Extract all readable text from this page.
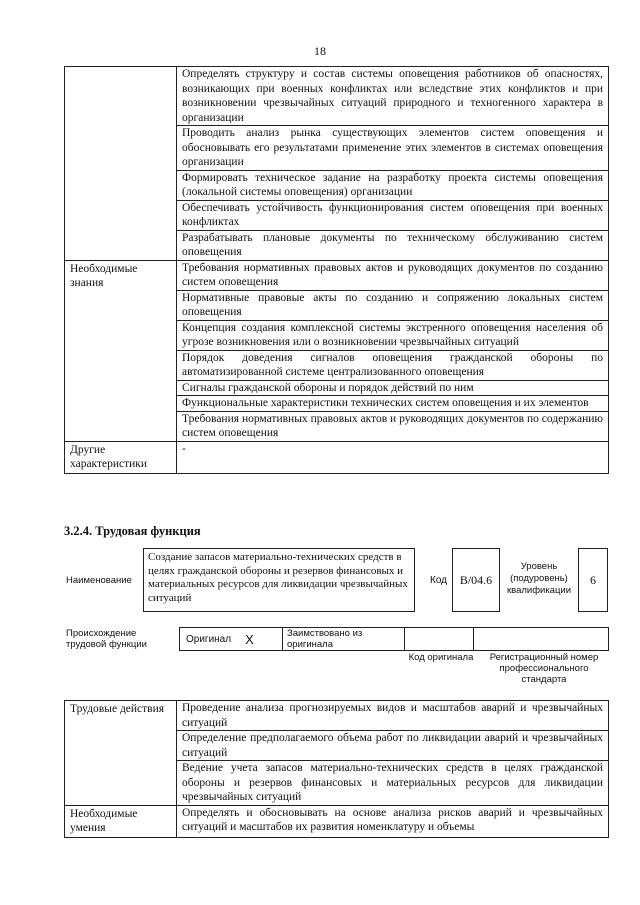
18
	Определять структуру и состав системы оповещения работников об опасностях, возникающих при военных конфликтах или вследствие этих конфликтов и при возникновении чрезвычайных ситуаций природного и техногенного характера в организации
	Проводить анализ рынка существующих элементов систем оповещения и обосновывать его результатами применение этих элементов в системах оповещения организации
	Формировать техническое задание на разработку проекта системы оповещения (локальной системы оповещения) организации
	Обеспечивать устойчивость функционирования систем оповещения при военных конфликтах
	Разрабатывать плановые документы по техническому обслуживанию систем оповещения
Необходимые знания	Требования нормативных правовых актов и руководящих документов по созданию систем оповещения
	Нормативные правовые акты по созданию и сопряжению локальных систем оповещения
	Концепция создания комплексной системы экстренного оповещения населения об угрозе возникновения или о возникновении чрезвычайных ситуаций
	Порядок доведения сигналов оповещения гражданской обороны по автоматизированной системе централизованного оповещения
	Сигналы гражданской обороны и порядок действий по ним
	Функциональные характеристики технических систем оповещения и их элементов
	Требования нормативных правовых актов и руководящих документов по содержанию систем оповещения
Другие характеристики	-
3.2.4. Трудовая функция
Наименование
Создание запасов материально-технических средств в целях гражданской обороны и резервов финансовых и материальных ресурсов для ликвидации чрезвычайных ситуаций
Код В/04.6
Уровень (подуровень) квалификации
6
Происхождение трудовой функции	Оригинал X	Заимствовано из оригинала
Код оригинала	Регистрационный номер профессионального стандарта
Трудовые действия	Проведение анализа прогнозируемых видов и масштабов аварий и чрезвычайных ситуаций
	Определение предполагаемого объема работ по ликвидации аварий и чрезвычайных ситуаций
	Ведение учета запасов материально-технических средств в целях гражданской обороны и резервов финансовых и материальных ресурсов для ликвидации чрезвычайных ситуаций
Необходимые умения	Определять и обосновывать на основе анализа рисков аварий и чрезвычайных ситуаций и масштабов их развития номенклатуру и объемы
